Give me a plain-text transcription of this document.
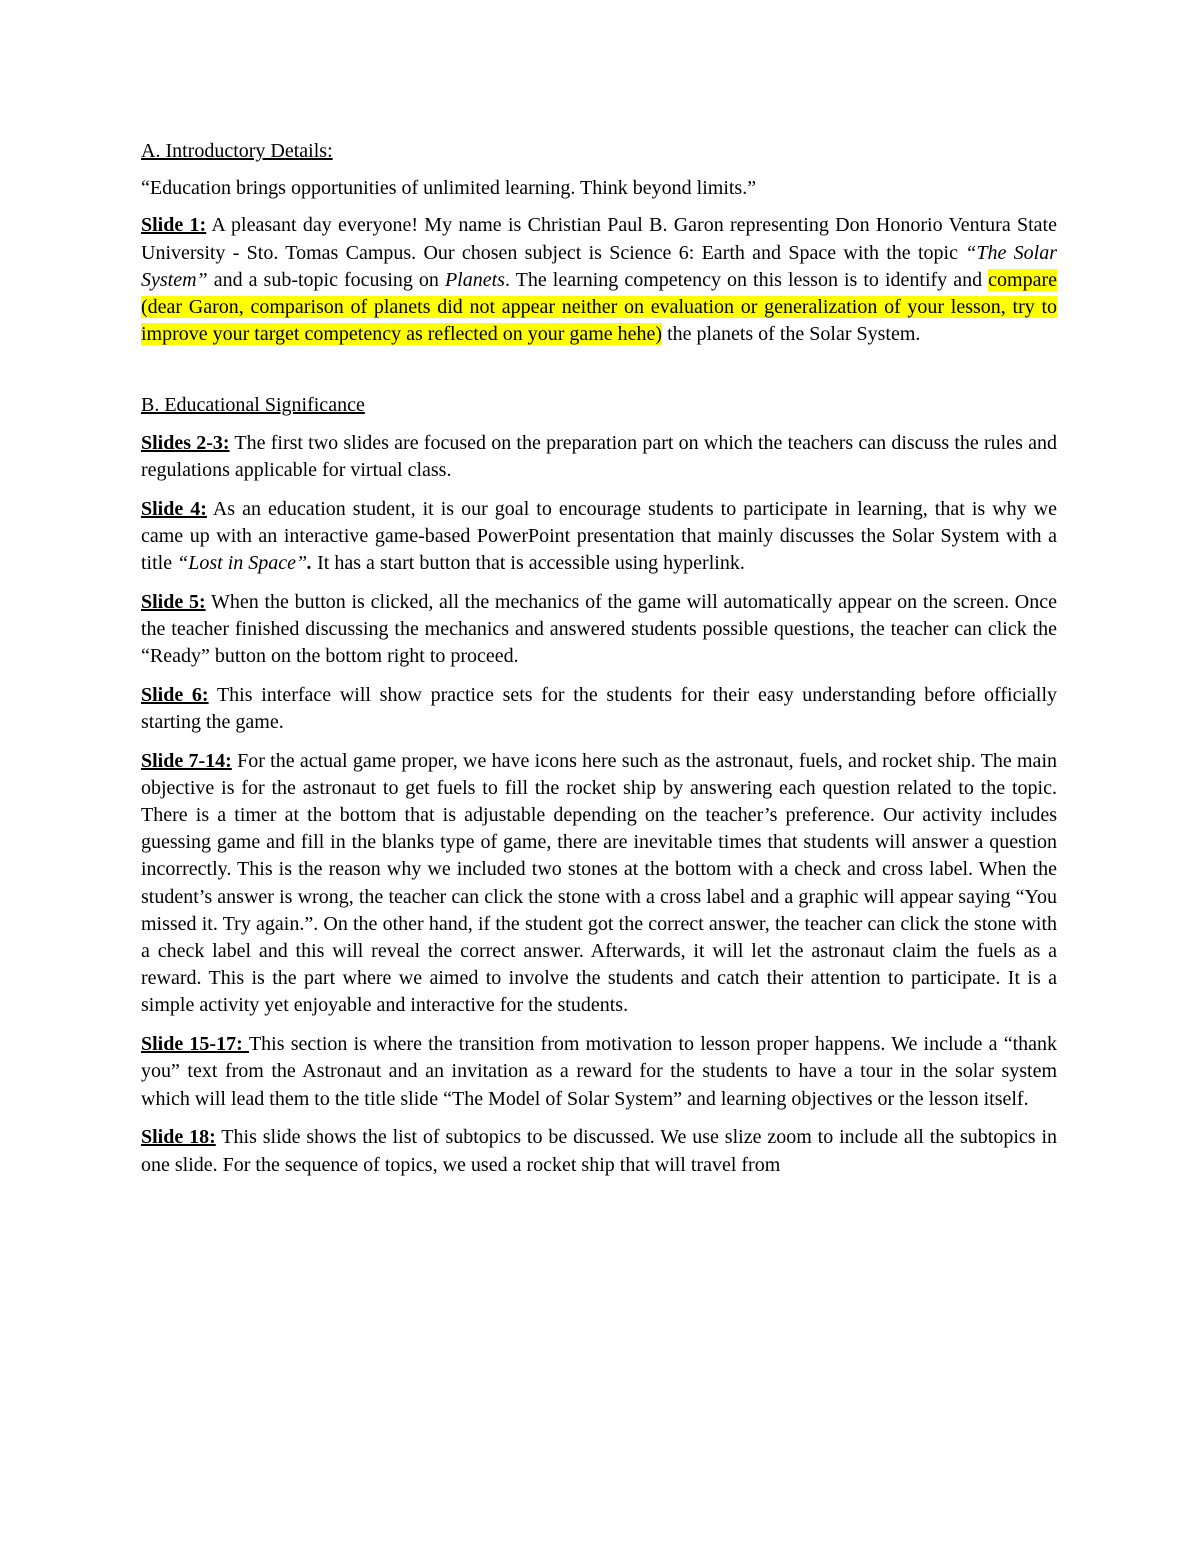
A. Introductory Details:

“Education brings opportunities of unlimited learning. Think beyond limits.”

Slide 1: A pleasant day everyone! My name is Christian Paul B. Garon representing Don Honorio Ventura State University - Sto. Tomas Campus. Our chosen subject is Science 6: Earth and Space with the topic “The Solar System” and a sub-topic focusing on Planets. The learning competency on this lesson is to identify and compare (dear Garon, comparison of planets did not appear neither on evaluation or generalization of your lesson, try to improve your target competency as reflected on your game hehe) the planets of the Solar System.

B. Educational Significance

Slides 2-3: The first two slides are focused on the preparation part on which the teachers can discuss the rules and regulations applicable for virtual class.

Slide 4: As an education student, it is our goal to encourage students to participate in learning, that is why we came up with an interactive game-based PowerPoint presentation that mainly discusses the Solar System with a title “Lost in Space”. It has a start button that is accessible using hyperlink.

Slide 5: When the button is clicked, all the mechanics of the game will automatically appear on the screen. Once the teacher finished discussing the mechanics and answered students possible questions, the teacher can click the “Ready” button on the bottom right to proceed.

Slide 6: This interface will show practice sets for the students for their easy understanding before officially starting the game.

Slide 7-14: For the actual game proper, we have icons here such as the astronaut, fuels, and rocket ship. The main objective is for the astronaut to get fuels to fill the rocket ship by answering each question related to the topic. There is a timer at the bottom that is adjustable depending on the teacher’s preference. Our activity includes guessing game and fill in the blanks type of game, there are inevitable times that students will answer a question incorrectly. This is the reason why we included two stones at the bottom with a check and cross label. When the student’s answer is wrong, the teacher can click the stone with a cross label and a graphic will appear saying “You missed it. Try again.”. On the other hand, if the student got the correct answer, the teacher can click the stone with a check label and this will reveal the correct answer. Afterwards, it will let the astronaut claim the fuels as a reward. This is the part where we aimed to involve the students and catch their attention to participate. It is a simple activity yet enjoyable and interactive for the students.

Slide 15-17: This section is where the transition from motivation to lesson proper happens. We include a “thank you” text from the Astronaut and an invitation as a reward for the students to have a tour in the solar system which will lead them to the title slide “The Model of Solar System” and learning objectives or the lesson itself.

Slide 18: This slide shows the list of subtopics to be discussed. We use slize zoom to include all the subtopics in one slide. For the sequence of topics, we used a rocket ship that will travel from
